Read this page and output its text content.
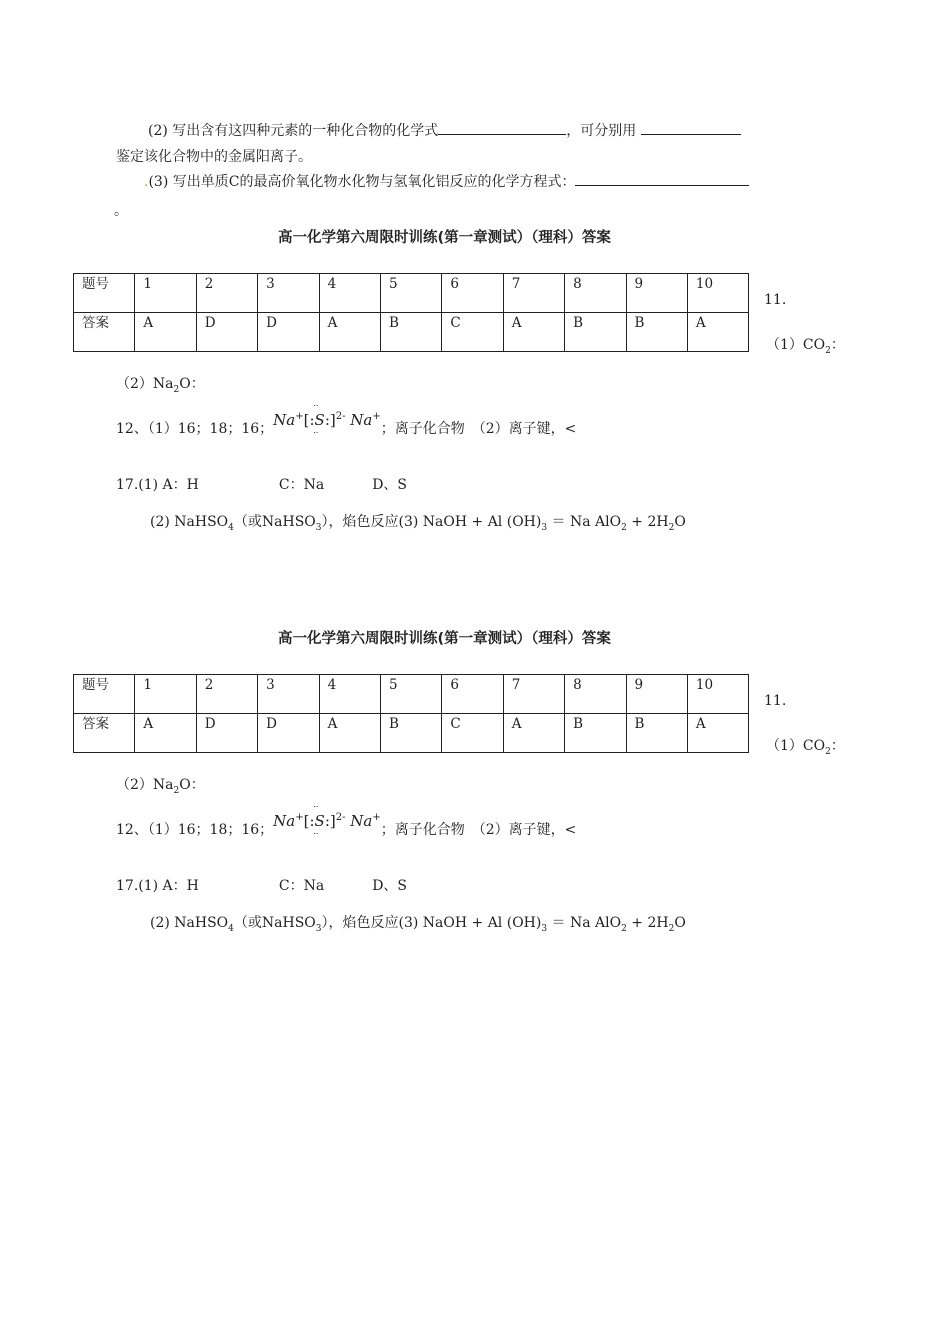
(2) 写出含有这四种元素的一种化合物的化学式	，可分别用
鉴定该化合物中的金属阳离子。
.(3) 写出单质C的最高价氧化物水化物与氢氧化铝反应的化学方程式：
。
高一化学第六周限时训练(第一章测试）（理科）答案
题号	1	2	3	4	5	6	7	8	9	10
答案	A	D	D	A	B	C	A	B	B	A
11.
$(1)CO_2$：
$(2)Na_2O$：
12、（1）16；18；16；Na+[:: S ::]$^{2-}$ Na+；离子化合物　（2）离子键，<
17.(1) A：H	C：Na	D、S
(2) NaHSO$_4$（或NaHSO$_3$），焰色反应(3) NaOH + Al $(OH)_3 = Na$ $AlO_2 + 2H_2O$
高一化学第六周限时训练(第一章测试）（理科）答案
题号	1	2	3	4	5	6	7	8	9	10
答案	A	D	D	A	B	C	A	B	B	A
11.
$(1)CO_2$：
$(2)Na_2O$：
12、（1）16；18；16；Na+[:: S ::]$^{2-}$ Na+；离子化合物　（2）离子键，<
17.(1) A：H	C：Na	D、S
(2) NaHSO$_4$（或NaHSO$_3$），焰色反应(3) NaOH + Al $(OH)_3 = Na$ $AlO_2 + 2H_2O$
